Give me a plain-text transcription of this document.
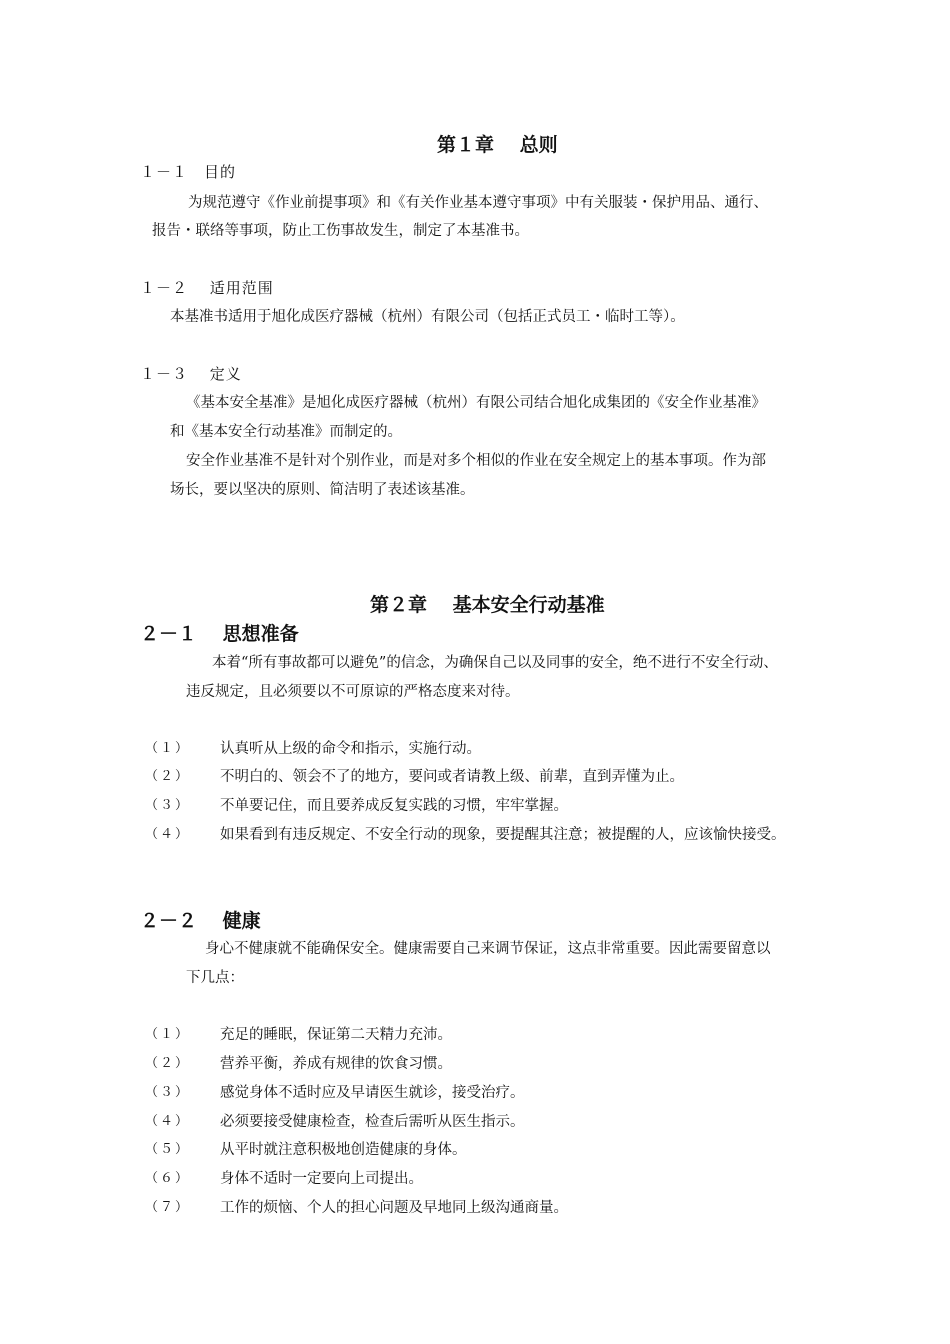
第１章　 总则
１－１　目的
为规范遵守《作业前提事项》和《有关作业基本遵守事项》中有关服装・保护用品、通行、
报告・联络等事项，防止工伤事故发生，制定了本基准书。
１－２　 适用范围
本基准书适用于旭化成医疗器械（杭州）有限公司（包括正式员工・临时工等）。
１－３　 定义
《基本安全基准》是旭化成医疗器械（杭州）有限公司结合旭化成集团的《安全作业基准》
和《基本安全行动基准》而制定的。
安全作业基准不是针对个别作业，而是对多个相似的作业在安全规定上的基本事项。作为部
场长，要以坚决的原则、简洁明了表述该基准。
第２章　 基本安全行动基准
２－１　 思想准备
本着“所有事故都可以避免”的信念，为确保自己以及同事的安全，绝不进行不安全行动、
违反规定，且必须要以不可原谅的严格态度来对待。
（１） 认真听从上级的命令和指示，实施行动。
（２） 不明白的、领会不了的地方，要问或者请教上级、前辈，直到弄懂为止。
（３） 不单要记住，而且要养成反复实践的习惯，牢牢掌握。
（４） 如果看到有违反规定、不安全行动的现象，要提醒其注意；被提醒的人，应该愉快接受。
２－２　 健康
身心不健康就不能确保安全。健康需要自己来调节保证，这点非常重要。因此需要留意以
下几点：
（１） 充足的睡眠，保证第二天精力充沛。
（２） 营养平衡，养成有规律的饮食习惯。
（３） 感觉身体不适时应及早请医生就诊，接受治疗。
（４） 必须要接受健康检查，检查后需听从医生指示。
（５） 从平时就注意积极地创造健康的身体。
（６） 身体不适时一定要向上司提出。
（７） 工作的烦恼、个人的担心问题及早地同上级沟通商量。
